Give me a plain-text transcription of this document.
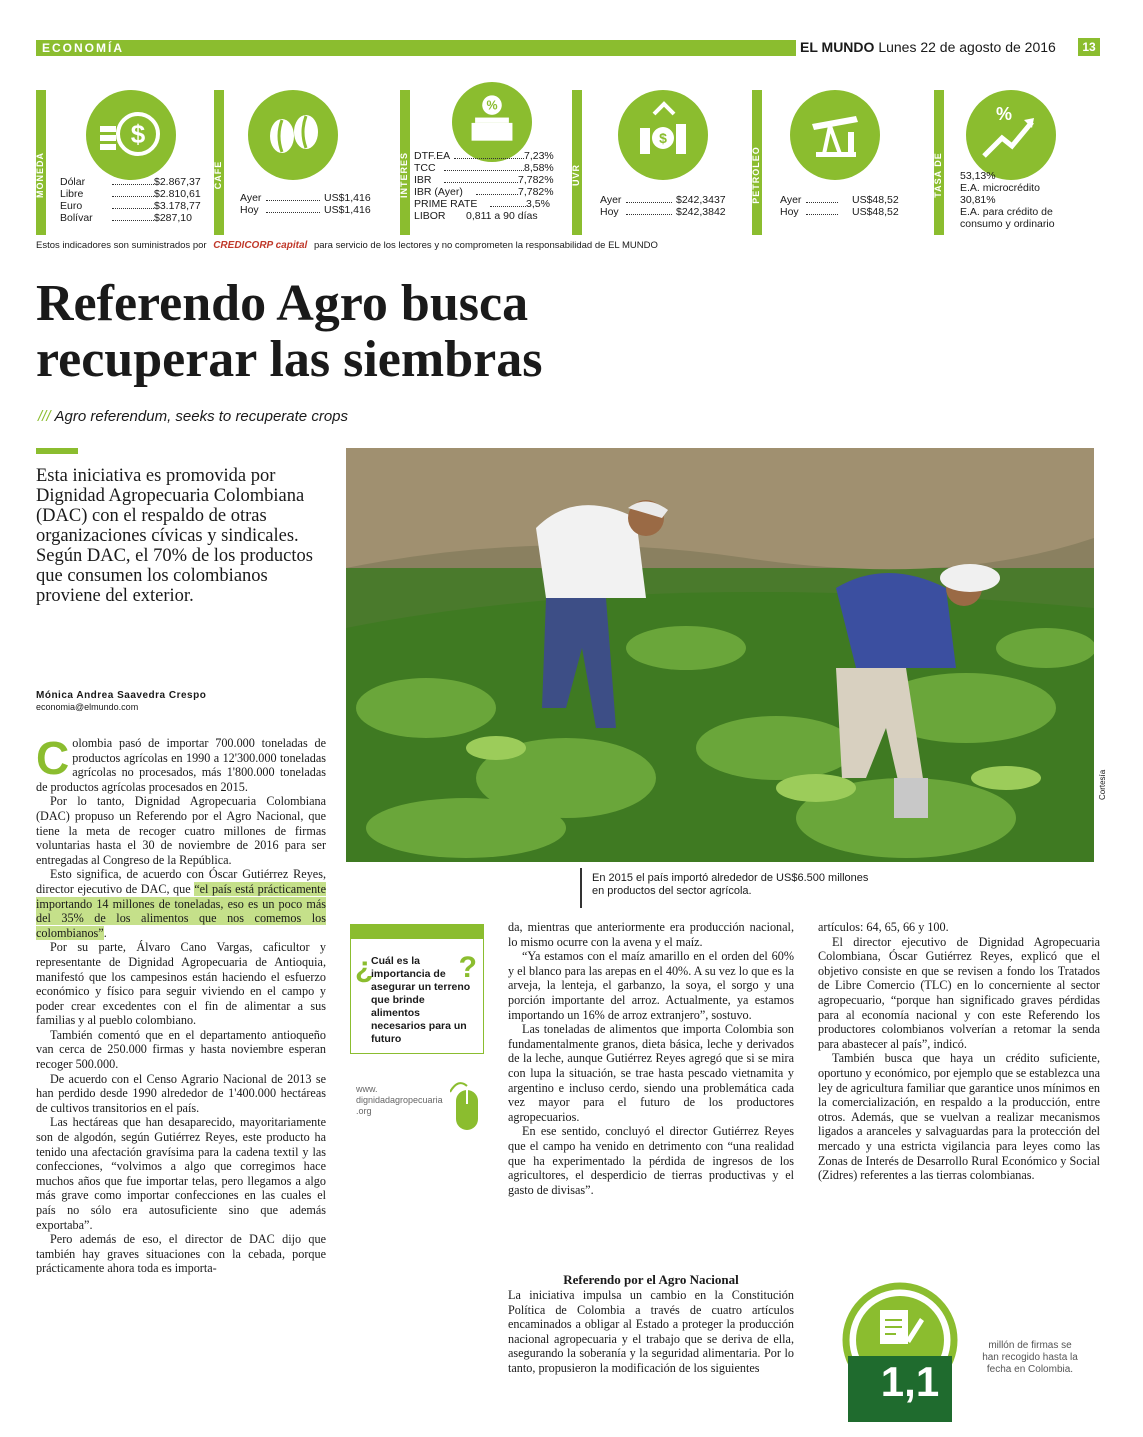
ECONOMÍA	EL MUNDO Lunes 22 de agosto de 2016	13
MONEDA
$
Dólar	$2.867,37
Libre	$2.810,61
Euro	$3.178,77
Bolívar	$287,10
CAFÉ
Ayer	US$1,416
Hoy	US$1,416
INTERÉS
%
DTF.EA	7,23%
TCC	8,58%
IBR	7,782%
IBR (Ayer)	7,782%
PRIME RATE	3,5%
LIBOR 0,811 a 90 días
UVR
$
Ayer	$242,3437
Hoy	$242,3842
PETRÓLEO Ayer	US$48,52
Hoy	US$48,52
TASA DE USURA
%
53,13%
E.A. microcrédito
30,81%
E.A. para crédito de
consumo y ordinario
Estos indicadores son suministrados por CREDICORP capital para servicio de los lectores y no comprometen la responsabilidad de EL MUNDO
Referendo Agro busca recuperar las siembras
/// Agro referendum, seeks to recuperate crops
Esta iniciativa es promovida por Dignidad Agropecuaria Colombiana (DAC) con el respaldo de otras organizaciones cívicas y sindicales. Según DAC, el 70% de los productos que consumen los colombianos proviene del exterior.
Mónica Andrea Saavedra Crespo
economia@elmundo.com
Cortesía
En 2015 el país importó alrededor de US$6.500 millones en productos del sector agrícola.

Colombia pasó de importar 700.000 toneladas de productos agrícolas en 1990 a 12'300.000 toneladas agrícolas no procesados, más 1'800.000 toneladas de productos agrícolas procesados en 2015.

Por lo tanto, Dignidad Agropecuaria Colombiana (DAC) propuso un Referendo por el Agro Nacional, que tiene la meta de recoger cuatro millones de firmas voluntarias hasta el 30 de noviembre de 2016 para ser entregadas al Congreso de la República.

Esto significa, de acuerdo con Óscar Gutiérrez Reyes, director ejecutivo de DAC, que “el país está prácticamente importando 14 millones de toneladas, eso es un poco más del 35% de los alimentos que nos comemos los colombianos”.

Por su parte, Álvaro Cano Vargas, caficultor y representante de Dignidad Agropecuaria de Antioquia, manifestó que los campesinos están haciendo el esfuerzo económico y físico para seguir viviendo en el campo y poder crear excedentes con el fin de alimentar a sus familias y al pueblo colombiano.

También comentó que en el departamento antioqueño van cerca de 250.000 firmas y hasta noviembre esperan recoger 500.000.

De acuerdo con el Censo Agrario Nacional de 2013 se han perdido desde 1990 alrededor de 1'400.000 hectáreas de cultivos transitorios en el país.

Las hectáreas que han desaparecido, mayoritariamente son de algodón, según Gutiérrez Reyes, este producto ha tenido una afectación gravísima para la cadena textil y las confecciones, “volvimos a algo que corregimos hace muchos años que fue importar telas, pero llegamos a algo más grave como importar confecciones en las cuales el país no sólo era autosuficiente sino que además exportaba”.

Pero además de eso, el director de DAC dijo que también hay graves situaciones con la cebada, porque prácticamente ahora toda es importa-

¿	?
Cuál es la importancia de asegurar un terreno que brinde alimentos necesarios para un futuro
www.
dignidadagropecuaria
.org

da, mientras que anteriormente era producción nacional, lo mismo ocurre con la avena y el maíz.

“Ya estamos con el maíz amarillo en el orden del 60% y el blanco para las arepas en el 40%. A su vez lo que es la arveja, la lenteja, el garbanzo, la soya, el sorgo y una porción importante del arroz. Actualmente, ya estamos importando un 16% de arroz extranjero”, sostuvo.

Las toneladas de alimentos que importa Colombia son fundamentalmente granos, dieta básica, leche y derivados de la leche, aunque Gutiérrez Reyes agregó que si se mira con lupa la situación, se trae hasta pescado vietnamita y argentino e incluso cerdo, siendo una problemática cada vez mayor para el futuro de los productores agropecuarios.

En ese sentido, concluyó el director Gutiérrez Reyes que el campo ha venido en detrimento con “una realidad que ha experimentado la pérdida de ingresos de los agricultores, el desperdicio de tierras productivas y el gasto de divisas”.

Referendo por el Agro Nacional

La iniciativa impulsa un cambio en la Constitución Política de Colombia a través de cuatro artículos encaminados a obligar al Estado a proteger la producción nacional agropecuaria y el trabajo que se deriva de ella, asegurando la soberanía y la seguridad alimentaria. Por lo tanto, propusieron la modificación de los siguientes

artículos: 64, 65, 66 y 100.

El director ejecutivo de Dignidad Agropecuaria Colombiana, Óscar Gutiérrez Reyes, explicó que el objetivo consiste en que se revisen a fondo los Tratados de Libre Comercio (TLC) en lo concerniente al sector agropecuario, “porque han significado graves pérdidas para al economía nacional y con este Referendo los productores colombianos volverían a retomar la senda para abastecer al país”, indicó.

También busca que haya un crédito suficiente, oportuno y económico, por ejemplo que se establezca una ley de agricultura familiar que garantice unos mínimos en la comercialización, en respaldo a la producción, entre otros. Además, que se vuelvan a realizar mecanismos ligados a aranceles y salvaguardas para la protección del mercado y una estricta vigilancia para leyes como las Zonas de Interés de Desarrollo Rural Económico y Social (Zidres) referentes a las tierras colombianas.

1,1
millón de firmas se han recogido hasta la fecha en Colombia.
